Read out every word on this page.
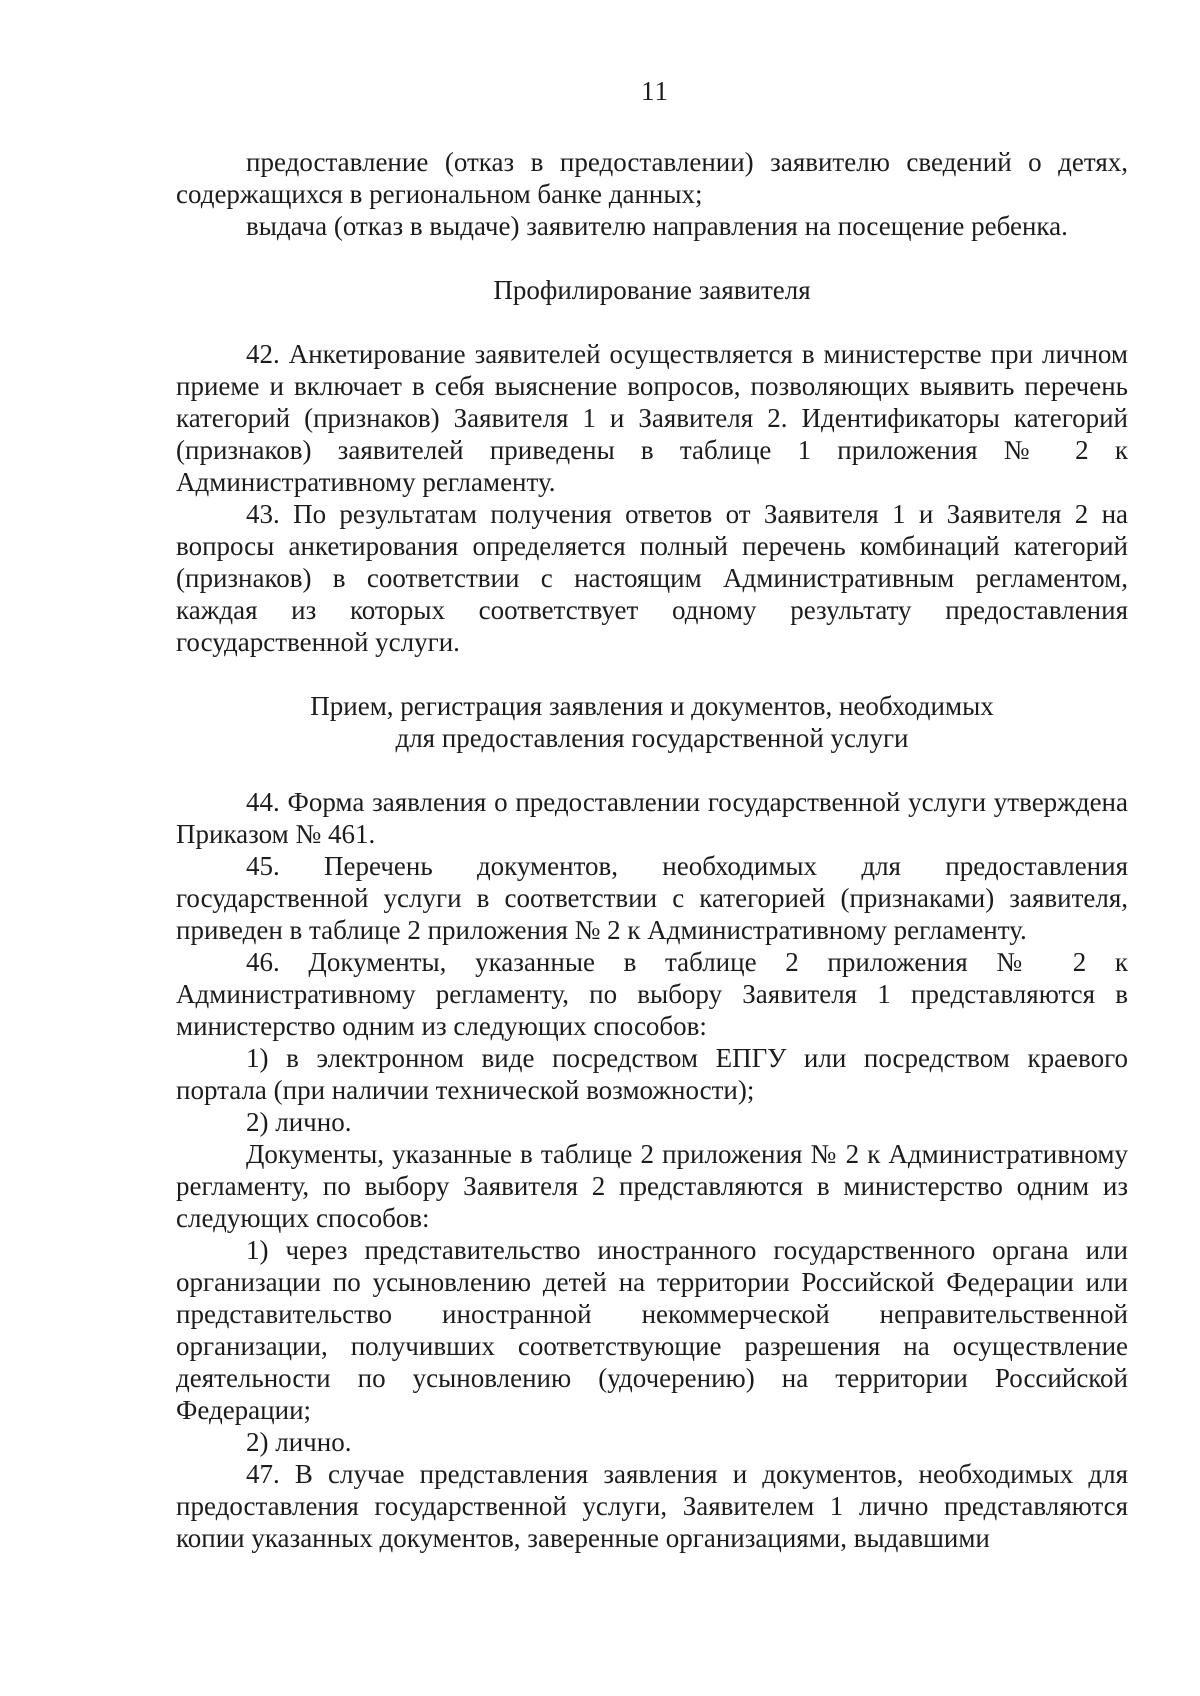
11

предоставление (отказ в предоставлении) заявителю сведений о детях, содержащихся в региональном банке данных;

выдача (отказ в выдаче) заявителю направления на посещение ребенка.

Профилирование заявителя

42. Анкетирование заявителей осуществляется в министерстве при личном приеме и включает в себя выяснение вопросов, позволяющих выявить перечень категорий (признаков) Заявителя 1 и Заявителя 2. Идентификаторы категорий (признаков) заявителей приведены в таблице 1 приложения № 2 к Административному регламенту.

43. По результатам получения ответов от Заявителя 1 и Заявителя 2 на вопросы анкетирования определяется полный перечень комбинаций категорий (признаков) в соответствии с настоящим Административным регламентом, каждая из которых соответствует одному результату предоставления государственной услуги.

Прием, регистрация заявления и документов, необходимых
для предоставления государственной услуги

44. Форма заявления о предоставлении государственной услуги утверждена Приказом № 461.

45. Перечень документов, необходимых для предоставления государственной услуги в соответствии с категорией (признаками) заявителя, приведен в таблице 2 приложения № 2 к Административному регламенту.

46. Документы, указанные в таблице 2 приложения № 2 к Административному регламенту, по выбору Заявителя 1 представляются в министерство одним из следующих способов:

1) в электронном виде посредством ЕПГУ или посредством краевого портала (при наличии технической возможности);

2) лично.

Документы, указанные в таблице 2 приложения № 2 к Административному регламенту, по выбору Заявителя 2 представляются в министерство одним из следующих способов:

1) через представительство иностранного государственного органа или организации по усыновлению детей на территории Российской Федерации или представительство иностранной некоммерческой неправительственной организации, получивших соответствующие разрешения на осуществление деятельности по усыновлению (удочерению) на территории Российской Федерации;

2) лично.

47. В случае представления заявления и документов, необходимых для предоставления государственной услуги, Заявителем 1 лично представляются копии указанных документов, заверенные организациями, выдавшими
